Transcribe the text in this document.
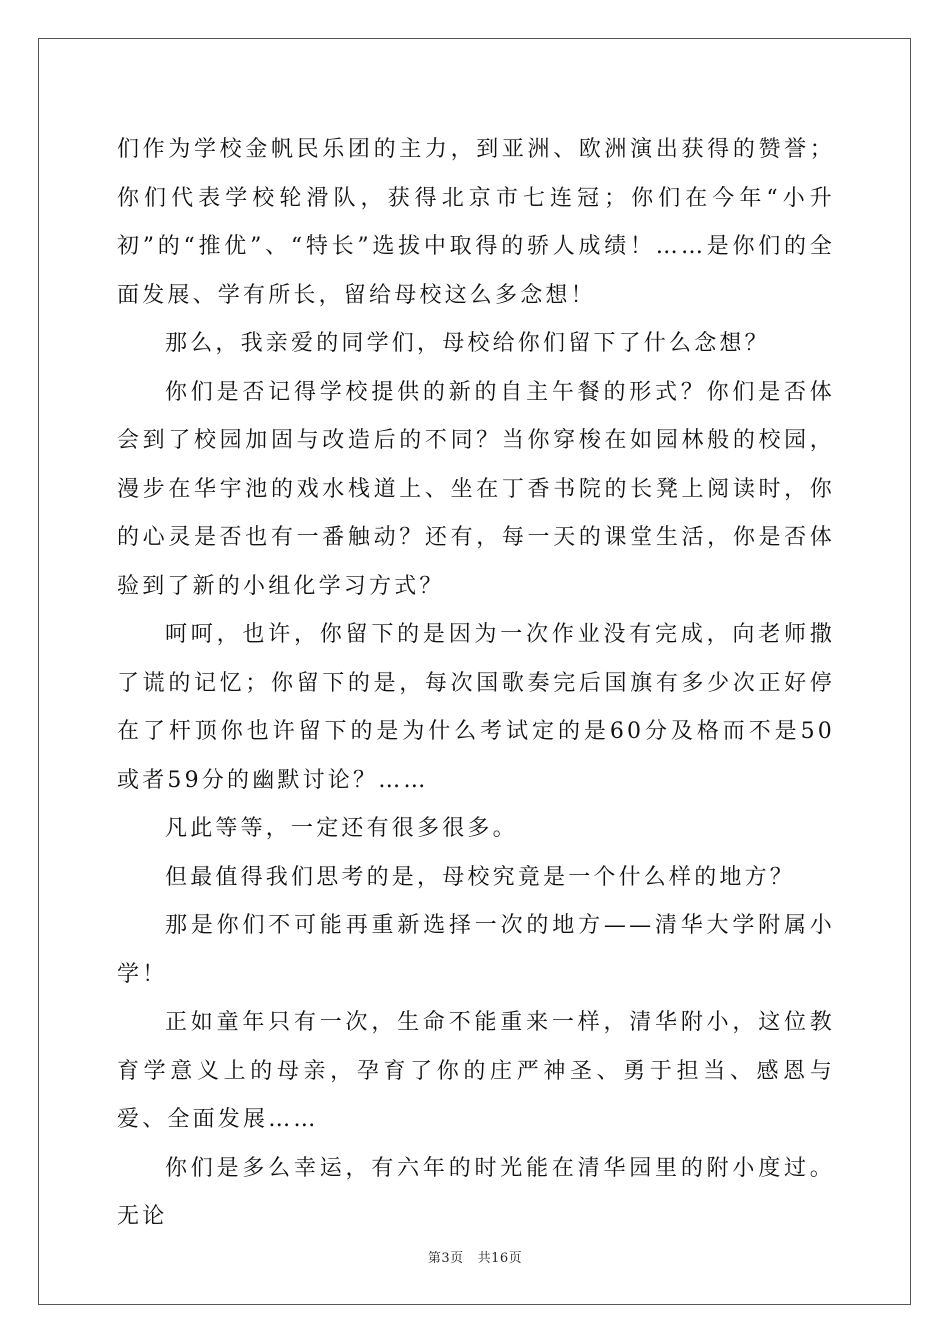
们作为学校金帆民乐团的主力，到亚洲、欧洲演出获得的赞誉；你们代表学校轮滑队，获得北京市七连冠；你们在今年“小升初”的“推优”、“特长”选拔中取得的骄人成绩！……是你们的全面发展、学有所长，留给母校这么多念想！

那么，我亲爱的同学们，母校给你们留下了什么念想？

你们是否记得学校提供的新的自主午餐的形式？你们是否体会到了校园加固与改造后的不同？当你穿梭在如园林般的校园，漫步在华宇池的戏水栈道上、坐在丁香书院的长凳上阅读时，你的心灵是否也有一番触动？还有，每一天的课堂生活，你是否体验到了新的小组化学习方式？

呵呵，也许，你留下的是因为一次作业没有完成，向老师撒了谎的记忆；你留下的是，每次国歌奏完后国旗有多少次正好停在了杆顶你也许留下的是为什么考试定的是60分及格而不是50或者59分的幽默讨论？……

凡此等等，一定还有很多很多。

但最值得我们思考的是，母校究竟是一个什么样的地方？

那是你们不可能再重新选择一次的地方——清华大学附属小学！

正如童年只有一次，生命不能重来一样，清华附小，这位教育学意义上的母亲，孕育了你的庄严神圣、勇于担当、感恩与爱、全面发展……

你们是多么幸运，有六年的时光能在清华园里的附小度过。无论

第3页 共16页
